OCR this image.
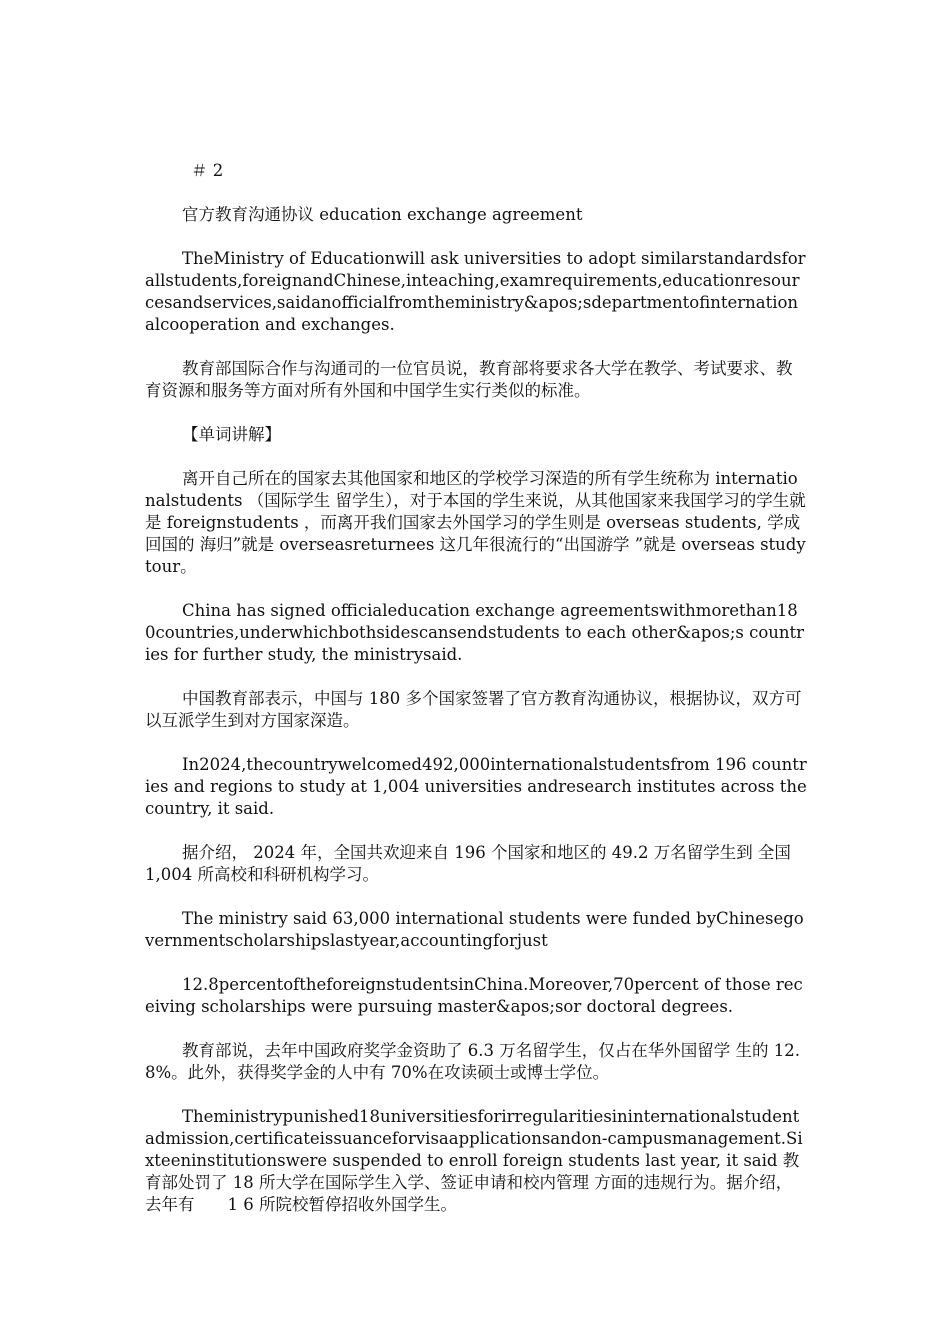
＃ 2

官方教育沟通协议 education exchange agreement

TheMinistry of Educationwill ask universities to adopt similarstandardsforallstudents,foreignandChinese,inteaching,examrequirements,educationresourcesandservices,saidanofficialfromtheministry&apos;sdepartmentofinternation alcooperation and exchanges.

教育部国际合作与沟通司的一位官员说，教育部将要求各大学在教学、考试要求、教育资源和服务等方面对所有外国和中国学生实行类似的标准。

【单词讲解】

离开自己所在的国家去其他国家和地区的学校学习深造的所有学生统称为 internationalstudents （国际学生 留学生），对于本国的学生来说，从其他国家来我国学习的学生就是 foreignstudents ，而离开我们国家去外国学习的学生则是 overseas students, 学成回国的 海归”就是 overseasreturnees 这几年很流行的“出国游学 ”就是 overseas study tour。

China has signed officialeducation exchange agreementswithmorethan180countries,underwhichbothsidescansendstudents to each other&apos;s countries for further study, the ministrysaid.

中国教育部表示，中国与 180 多个国家签署了官方教育沟通协议，根据协议，双方可以互派学生到对方国家深造。

In2024,thecountrywelcomed492,000internationalstudentsfrom 196 countries and regions to study at 1,004 universities andresearch institutes across the country, it said.

据介绍， 2024 年，全国共欢迎来自 196 个国家和地区的 49.2 万名留学生到 全国 1,004 所高校和科研机构学习。

The ministry said 63,000 international students were funded byChinesegovernmentscholarshipslastyear,accountingforjust

12.8percentoftheforeignstudentsinChina.Moreover,70percent of those receiving scholarships were pursuing master&apos;sor doctoral degrees.

教育部说，去年中国政府奖学金资助了 6.3 万名留学生，仅占在华外国留学 生的 12.8%。此外，获得奖学金的人中有 70%在攻读硕士或博士学位。

Theministrypunished18universitiesforirregularitiesininternationalstudentadmission,certificateissuanceforvisaapplicationsandon-campusmanagement.Sixteeninstitutionswere suspended to enroll foreign students last year, it said 教育部处罚了 18 所大学在国际学生入学、签证申请和校内管理 方面的违规行为。据介绍，去年有　　1 6 所院校暂停招收外国学生。
